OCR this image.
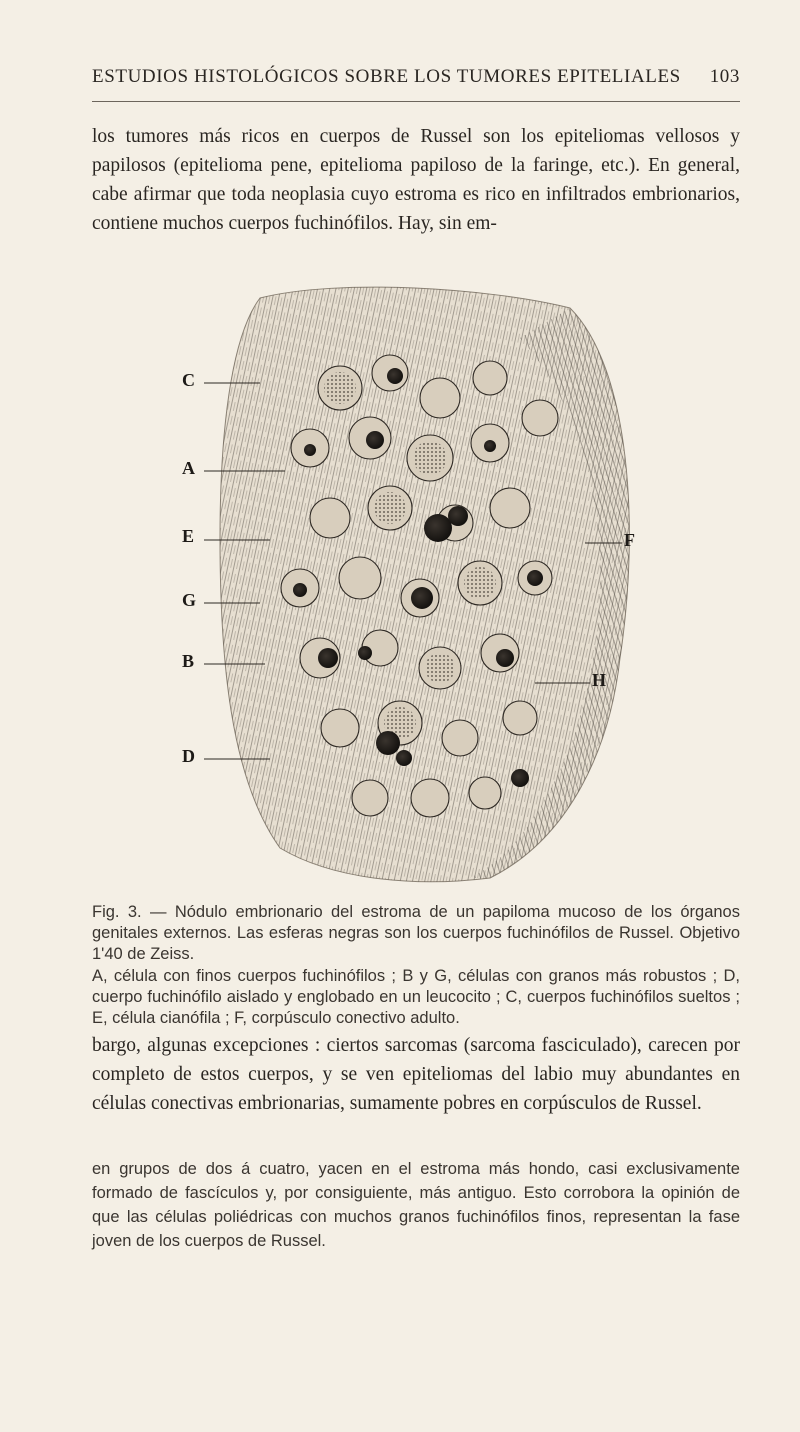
ESTUDIOS HISTOLÓGICOS SOBRE LOS TUMORES EPITELIALES 103

los tumores más ricos en cuerpos de Russel son los epiteliomas vellosos y papilosos (epitelioma pene, epitelioma papiloso de la faringe, etc.). En general, cabe afirmar que toda neoplasia cuyo estroma es rico en infiltrados embrionarios, contiene muchos cuerpos fuchinófilos. Hay, sin em-

C
A
E
G
B
D
F
H

Fig. 3. — Nódulo embrionario del estroma de un papiloma mucoso de los órganos genitales externos. Las esferas negras son los cuerpos fuchinófilos de Russel. Objetivo 1'40 de Zeiss.

A, célula con finos cuerpos fuchinófilos ; B y G, células con granos más robustos ; D, cuerpo fuchinófilo aislado y englobado en un leucocito ; C, cuerpos fuchinófilos sueltos ; E, célula cianófila ; F, corpúsculo conectivo adulto.

bargo, algunas excepciones : ciertos sarcomas (sarcoma fasciculado), carecen por completo de estos cuerpos, y se ven epiteliomas del labio muy abundantes en células conectivas embrionarias, sumamente pobres en corpúsculos de Russel.

en grupos de dos á cuatro, yacen en el estroma más hondo, casi exclusivamente formado de fascículos y, por consiguiente, más antiguo. Esto corrobora la opinión de que las células poliédricas con muchos granos fuchinófilos finos, representan la fase joven de los cuerpos de Russel.
